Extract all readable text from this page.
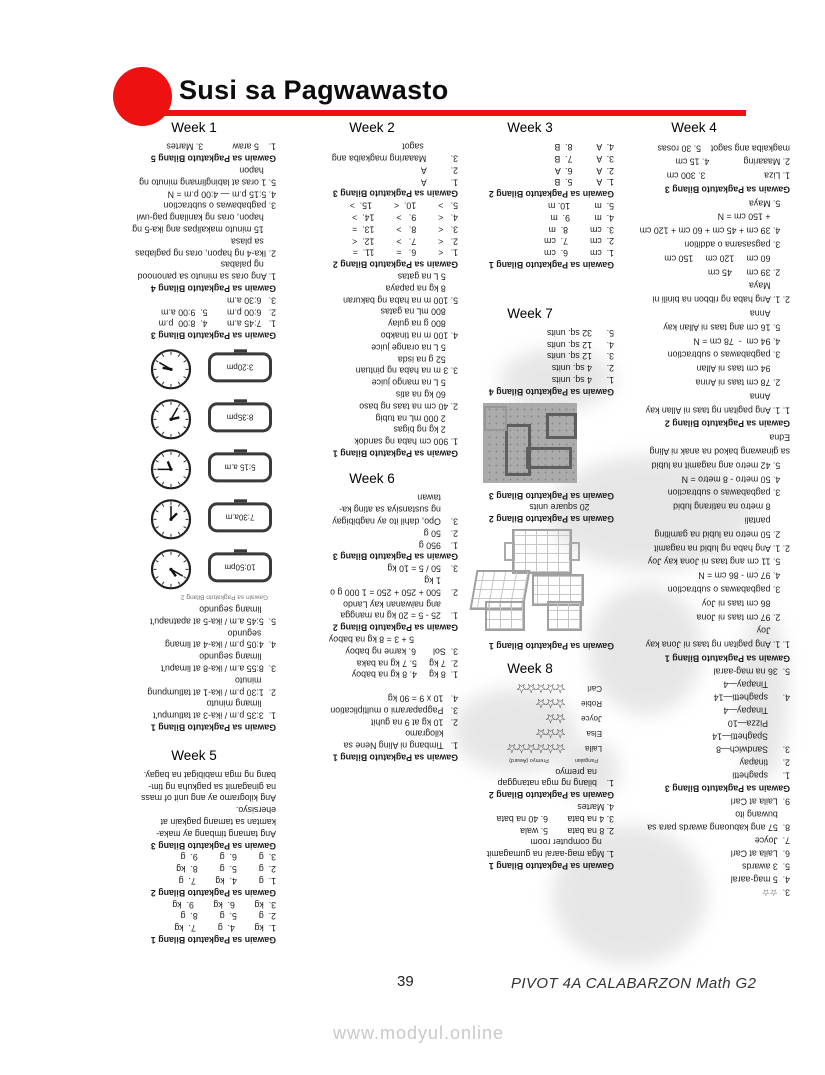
Susi sa Pagwawasto
Week 1
Gawain sa Pagkatuto Bilang 1
1.  3:35 p.m / ika-3 at tatlumpu't
limang minuto
2.  1:30 p.m / ika-1 at tatlumpung
minuto
3.  8:55 a.m / ika-8 at limapu't
limang segundo
4.  4:05 p.m / ika-4 at limang
segundo
5.  5:45 a.m / ika-5 at apatnapu't
limang segundo
Gawain sa Pagkatuto Bilang 2
10:50pm
7:30a.m
5:15 a.m
8:35pm
3:20pm
Gawain sa Pagkatuto Bilang 3
1.   7:45 a.m        4.  8:00  p.m
2.   6:00 p.m        5.  9:00 a.m
3.   6:30 a.m
Gawain sa Pagkatuto Bilang 4
1. Ang oras sa minuto sa panonood
ng palabas
2. Ika-4 ng hapon, oras ng paglabas
sa plasa
15 minuto makalipas ang ika-5 ng
hapon, oras ng kanilang pag-uwi
3. pagbabawas o subtraction
4. 5:15 p.m — 4:00 p.m = N
5. 1 oras at labinglimang minuto ng
hapon
Gawain sa Pagkatuto Bilang 5
1.    5 araw            3. Martes
Week 5
Gawain sa Pagkatuto Bilang 1
1.  kg        4.  g         7.  kg
2.  g         5.  g         8.  g
3.  kg        6.  kg        9.  kg
Gawain sa Pagkatuto Bilang 2
1.  g         4.  kg        7.  g
2.  g         5.  g         8.  kg
3.  g         6.  g         9.  g
Gawain sa Pagkatuto Bilang 3
Ang tamang timbang ay maka-
kamtan sa tamang pagkain at
ehersisyo.
Ang kilogramo ay ang unit of mass
na ginagamit sa pagkuha ng tim-
bang ng mga mabibigat na bagay.
Week 2
Gawain sa Pagkatuto Bilang 1
1. 900 cm haba ng sandok
2 kg ng bigas
2 000 mL na tubig
2. 40 cm na taas ng baso
60 kg na atis
5 L na mango juice
3. 3 m na haba ng pintuan
52 g na isda
5 L na orange juice
4. 100 m na tinakbo
800 g na gulay
800 mL na gatas
5. 100 m na haba ng bakuran
8 kg na papaya
5 L na gatas
Gawain sa Pagkatuto Bilang 2
1.   <         6.   =         11.  =
2.   <         7.   >         12.  <
3.   <         8.   >         13.  =
4.   <         9.   >         14.  >
5.   >         10.  <         15.  >
Gawain sa Pagkatuto Bilang 3
1.          A
2.          A
3.          Maaaring magkaiba ang
sagot
Week 6
Gawain sa Pagkatuto Bilang 1
1.   Timbang ni Aling Nene sa
kilogramo
2.   10 kg at 9 na guhit
3.   Pagpaparami o multiplication
4.   10 x 9 = 90 kg

1.  8 kg     4. 8 kg na baboy
2.  7 kg     5. 7 kg na baka
3.  Sol       6. karne ng baboy
5 + 3 = 8 kg na baboy
Gawain sa Pagkatuto Bilang 2
1.    25 - 5 = 20 kg na mangga
ang naiwanan kay Lando
2.    500 + 250 + 250 = 1 000 g o
1 kg
3.    50 / 5 = 10 kg
Gawain sa Pagkatuto Bilang 3
1.    950 g
2.    50 g
3.    Opo, dahil ito ay nagbibigay
ng sustansiya sa ating ka-
tawan
Week 3
Gawain sa Pagkatuto Bilang 1
1.  cm         6.  cm
2.  cm         7.  cm
3.  cm         8.  m
4.  m          9.  m
5.  m          10. m
Gawain sa Pagkatuto Bilang 2
1.  A          5.  B
2.  A          6.  A
3.  A          7.  B
4.  A          8.  B
Week 7
Gawain sa Pagkatuto Bilang 1
Gawain sa Pagkatuto Bilang 2
20 square units
Gawain sa Pagkatuto Bilang 3
Gawain sa Pagkatuto Bilang 4
1.      4 sq. units
2.      4 sq. units
3.      12 sq. units
4.      12 sq. units
5.      32 sq. units
Week 8
Gawain sa Pagkatuto Bilang 1
1. Mga mag-aaral na gumagamit
ng computer room
2. 8 na bata        5. wala
3. 4 na bata        6. 40 na bata
4. Martes
Gawain sa Pagkatuto Bilang 2
1.    bilang ng mga natanggap
na premyo
Pangalan
Premyo (Award)
Laila
☆☆☆☆☆☆
Elsa
☆☆☆
Joyce
☆☆
Robie
☆☆☆
Carl
☆☆☆☆☆
Week 4
3.  ☆☆
4.  5 mag-aaral
5.  3 awards
6.  Laila at Carl
7.  Joyce
8.  57 ang kabuoang awards para sa
buwang ito
9.  Laila at Carl
Gawain sa Pagkatuto Bilang 3
1.      spaghetti
2.      tinapay
3.      Sandwich—8
Spaghetti—14
Pizza—10
Tinapay—4
4.      spaghetti—14
Tinapay—4
5.  36 na mag-aaral
Gawain sa Pagkatuto Bilang 1
1. 1. Ang pagitan ng taas ni Jona kay
Joy
2. 97 cm taas ni Jona
86 cm taas ni Joy
3. pagbabawas o subtraction
4. 97 cm - 86 cm = N
5. 11 cm ang taas ni Jona kay Joy
2. 1. Ang haba ng lubid na nagamit
2. 50 metro na lubid na gamiting
pantali
8 metro na natirang lubid
3. pagbabawas o subtraction
4. 50 metro - 8 metro = N
5. 42 metro ang nagamit na lubid
sa ginawang bakod na anak ni Aling
Edna
Gawain sa Pagkatuto Bilang 2
1. 1. Ang pagitan ng taas ni Allan kay
Anna
2. 78 cm taas ni Anna
94 cm taas ni Allan
3. pagbabawas o subtraction
4. 94 cm  -  78 cm = N
5. 16 cm ang taas ni Allan kay
Anna
2. 1. Ang haba ng ribbon na binili ni
Maya
2. 39 cm      45 cm
60 cm     120 cm     150 cm
3. pagsasama o addition
4. 39 cm + 45 cm + 60 cm + 120 cm
+ 150 cm = N
5. Maya
Gawain sa Pagkatuto Bilang 3
1. Liza                        3. 300 cm
2. Maaaring              4. 15 cm
magkaiba ang sagot    5. 30 rosas
39	PIVOT 4A CALABARZON Math G2
www.modyul.online
